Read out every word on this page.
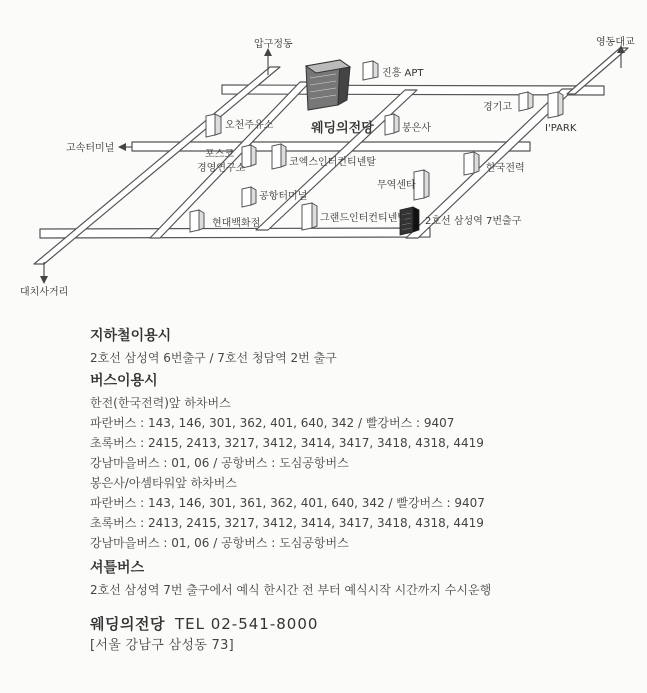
웨딩의전당
진흥 APT
경기고
I'PARK
오천주유소	봉은사
포스코
경영연구소
코엑스인터컨티넨탈
한국전력
무역센타
공항터미널
현대백화점	그랜드인터컨티넨탈 2호선 삼성역 7번출구
압구정동	영동대교
고속터미널
대치사거리
지하철이용시
2호선 삼성역 6번출구 / 7호선 청담역 2번 출구
버스이용시
한전(한국전력)앞 하차버스
파란버스 : 143, 146, 301, 362, 401, 640, 342 / 빨강버스 : 9407
초록버스 : 2415, 2413, 3217, 3412, 3414, 3417, 3418, 4318, 4419
강남마을버스 : 01, 06 / 공항버스 : 도심공항버스
봉은사/아셈타워앞 하차버스
파란버스 : 143, 146, 301, 361, 362, 401, 640, 342 / 빨강버스 : 9407
초록버스 : 2413, 2415, 3217, 3412, 3414, 3417, 3418, 4318, 4419
강남마을버스 : 01, 06 / 공항버스 : 도심공항버스
셔틀버스
2호선 삼성역 7번 출구에서 예식 한시간 전 부터 예식시작 시간까지 수시운행
웨딩의전당 TEL 02-541-8000
[서울 강남구 삼성동 73]
